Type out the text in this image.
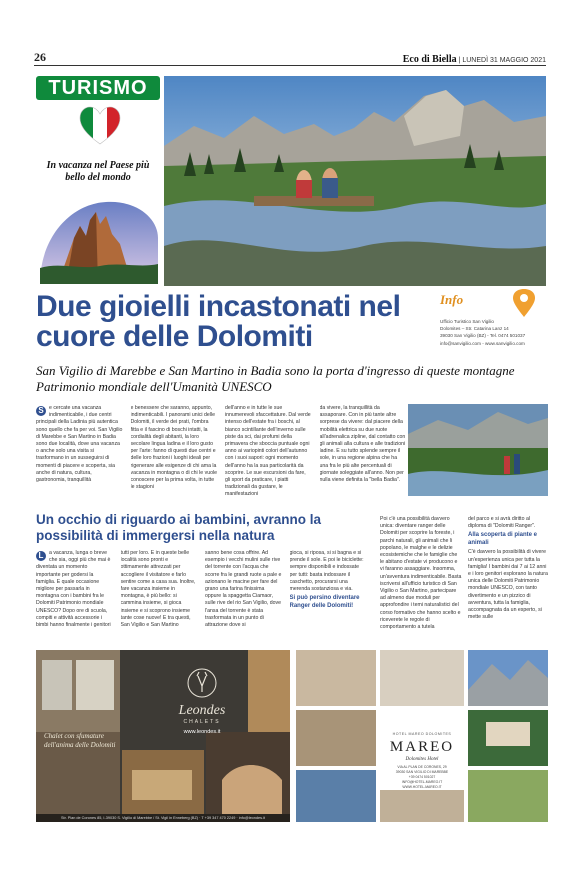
26	Eco di Biella | LUNEDÌ 31 MAGGIO 2021
TURISMO
In vacanza nel Paese più bello del mondo
Due gioielli incastonati nel cuore delle Dolomiti
Info
Ufficio Turistico San Vigilio
Dolomites – Str. Catarina Lanz 14
39030 San Vigilio (BZ) - Tel. 0474 501037
info@sanvigilio.com - www.sanvigilio.com
San Vigilio di Marebbe e San Martino in Badia sono la porta d'ingresso di queste montagne Patrimonio mondiale dell'Umanità UNESCO
S	e cercate una vacanza indimenticabile, i due centri principali della Ladinia più autentica sono quello che fa per voi. San Vigilio di Marebbe e San Martino in Badia sono due località, dove una vacanza o anche solo una visita si trasformano in un susseguirsi di momenti di piacere e scoperta, sia anche di natura, cultura, gastronomia, tranquillità
e benessere che saranno, appunto, indimenticabili. I panorami unici delle Dolomiti, il verde dei prati, l'ombra fitta e il fascino di boschi intatti, la cordialità degli abitanti, la loro secolare lingua ladina e il loro gusto per l'arte: fanno di questi due centri e delle loro frazioni i luoghi ideali per rigenerare alle esigenze di chi ama la vacanza in montagna o di chi le vuole conoscere per la prima volta, in tutte le stagioni
dell'anno e in tutte le sue innumerevoli sfaccettature. Dal verde intenso dell'estate fra i boschi, al bianco scintillante dell'inverno sulle piste da sci, dai profumi della primavera che sboccia puntuale ogni anno ai variopinti colori dell'autunno con i suoi sapori: ogni momento dell'anno ha la sua particolarità da scoprire. Le sue escursioni da fare, gli sport da praticare, i piatti tradizionali da gustare, le manifestazioni
da vivere, la tranquillità da assaporare. Con in più tante altre sorprese da vivere: dal piacere della mobilità elettrica su due ruote all'adrenalica zipline, dal contatto con gli animali alla cultura e alle tradizioni ladine. E su tutto splende sempre il sole, in una regione alpina che ha una fra le più alte percentuali di giornate soleggiate all'anno. Non per nulla viene definita la "bella Badia".
Un occhio di riguardo ai bambini, avranno la possibilità di immergersi nella natura
L	a vacanza, lunga o breve che sia, oggi più che mai è diventata un momento importante per godersi la famiglia. E quale occasione migliore per passarla in montagna con i bambini fra le Dolomiti Patrimonio mondiale UNESCO? Dopo ore di scuola, compiti e attività accessorie i bimbi hanno finalmente i genitori
tutti per loro. E in queste belle località sono pronti e ottimamente attrezzati per accogliere il visitatore e farlo sentire come a casa sua. Inoltre, fare vacanza insieme in montagna, è più bello: si cammina insieme, si gioca insieme e si scoprono insieme tante cose nuove! E tra questi, San Vigilio e San Martino
sanno bene cosa offrire. Ad esempio i vecchi mulini sulle rive del torrente con l'acqua che scorre fra le grandi ruote a pale e azionano le macine per fare del grano una farina finissima oppure la spaggetta Ciamaor, sulle rive del rio San Vigilio, dove l'ansa del torrente è stata trasformata in un punto di attrazione dove si
gioca, si riposa, si si bagna e si prende il sole. E poi le biciclette: sempre disponibili e indossate per tutti: basta indossare il caschetto, procurarsi una merenda sostanziosa e via.
Si può persino diventare Ranger delle Dolomiti!
Poi c'è una possibilità davvero unica: diventare ranger delle Dolomiti per scoprire la foreste, i parchi naturali, gli animali che li popolano, le malghe e le delizie ecosistemiche che le famiglie che le abitano d'estate vi producono e vi faranno assaggiare. Insomma, un'avventura indimenticabile. Basta iscriversi all'ufficio turistico di San Vigilio o San Martino, partecipare ad almeno due moduli per approfondire i temi naturalistici del corso formativo che hanno scelto e riceverete le regole di comportamento a tutela
del parco e si avrà diritto al diploma di "Dolomiti Ranger".
Alla scoperta di piante e animali
C'è davvero la possibilità di vivere un'esperienza unica per tutta la famiglia! I bambini dai 7 ai 12 anni e i loro genitori esplorano la natura unica delle Dolomiti Patrimonio mondiale UNESCO, con tanto divertimento e un pizzico di avventura, tutta la famiglia, accompagnata da un esperto, si mette sulle
Leondes
CHALETS
www.leondes.it
Chalet con sfumature dell'anima delle Dolomiti
Str. Plan de Corones 85, I-39030 S. Vigilio di Marebbe / St. Vigil in Enneberg (BZ) · T +39 347 470 2249 · info@leondes.it
HOTEL MAREO DOLOMITES
MAREO
Dolomites Hotel
VIA AL PLAN DE CORONES, 29
39030 SAN VIGILIO DI MAREBBE
+39 0474 501027
INFO@HOTEL-MAREO.IT
WWW.HOTEL-MAREO.IT
